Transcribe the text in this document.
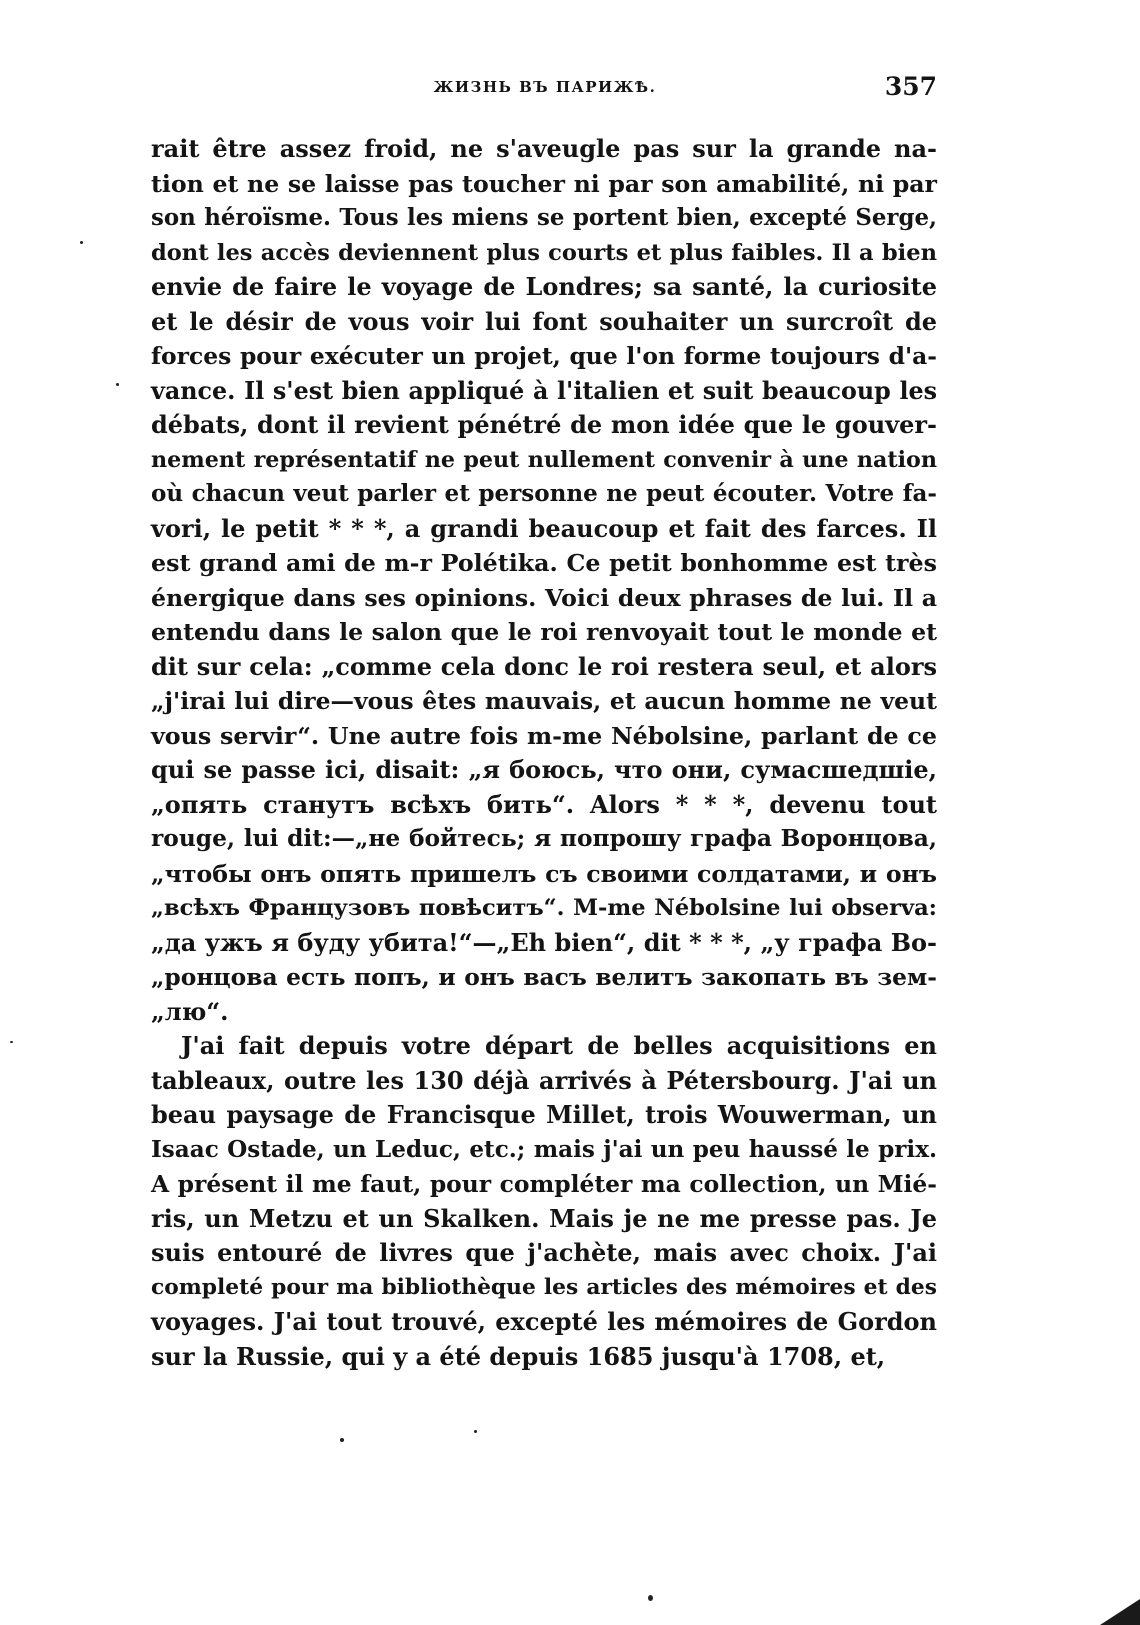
ЖИЗНЬ ВЪ ПАРИЖѢ.	357
rait être assez froid, ne s'aveugle pas sur la grande na-
tion et ne se laisse pas toucher ni par son amabilité, ni par
son héroïsme. Tous les miens se portent bien, excepté Serge,
dont les accès deviennent plus courts et plus faibles. Il a bien
envie de faire le voyage de Londres; sa santé, la curiosite
et le désir de vous voir lui font souhaiter un surcroît de
forces pour exécuter un projet, que l'on forme toujours d'a-
vance. Il s'est bien appliqué à l'italien et suit beaucoup les
débats, dont il revient pénétré de mon idée que le gouver-
nement représentatif ne peut nullement convenir à une nation
où chacun veut parler et personne ne peut écouter. Votre fa-
vori, le petit * * *, a grandi beaucoup et fait des farces. Il
est grand ami de m-r Polétika. Ce petit bonhomme est très
énergique dans ses opinions. Voici deux phrases de lui. Il a
entendu dans le salon que le roi renvoyait tout le monde et
dit sur cela: „comme cela donc le roi restera seul, et alors
„j'irai lui dire—vous êtes mauvais, et aucun homme ne veut
vous servir“. Une autre fois m-me Nébolsine, parlant de ce
qui se passe ici, disait: „я боюсь, что они, сумасшедшiе,
„опять станутъ всѣхъ бить“. Alors * * *, devenu tout
rouge, lui dit:—„не бойтесь; я попрошу графа Воронцова,
„чтобы онъ опять пришелъ съ своими солдатами, и онъ
„всѣхъ Французовъ повѣситъ“. M-me Nébolsine lui observa:
„да ужъ я буду убита!“—„Eh bien“, dit * * *, „у графа Во-
„ронцова есть попъ, и онъ васъ велитъ закопать въ зем-
„лю“.
J'ai fait depuis votre départ de belles acquisitions en
tableaux, outre les 130 déjà arrivés à Pétersbourg. J'ai un
beau paysage de Francisque Millet, trois Wouwerman, un
Isaac Ostade, un Leduc, etc.; mais j'ai un peu haussé le prix.
A présent il me faut, pour compléter ma collection, un Mié-
ris, un Metzu et un Skalken. Mais je ne me presse pas. Je
suis entouré de livres que j'achète, mais avec choix. J'ai
completé pour ma bibliothèque les articles des mémoires et des
voyages. J'ai tout trouvé, excepté les mémoires de Gordon
sur la Russie, qui y a été depuis 1685 jusqu'à 1708, et,
